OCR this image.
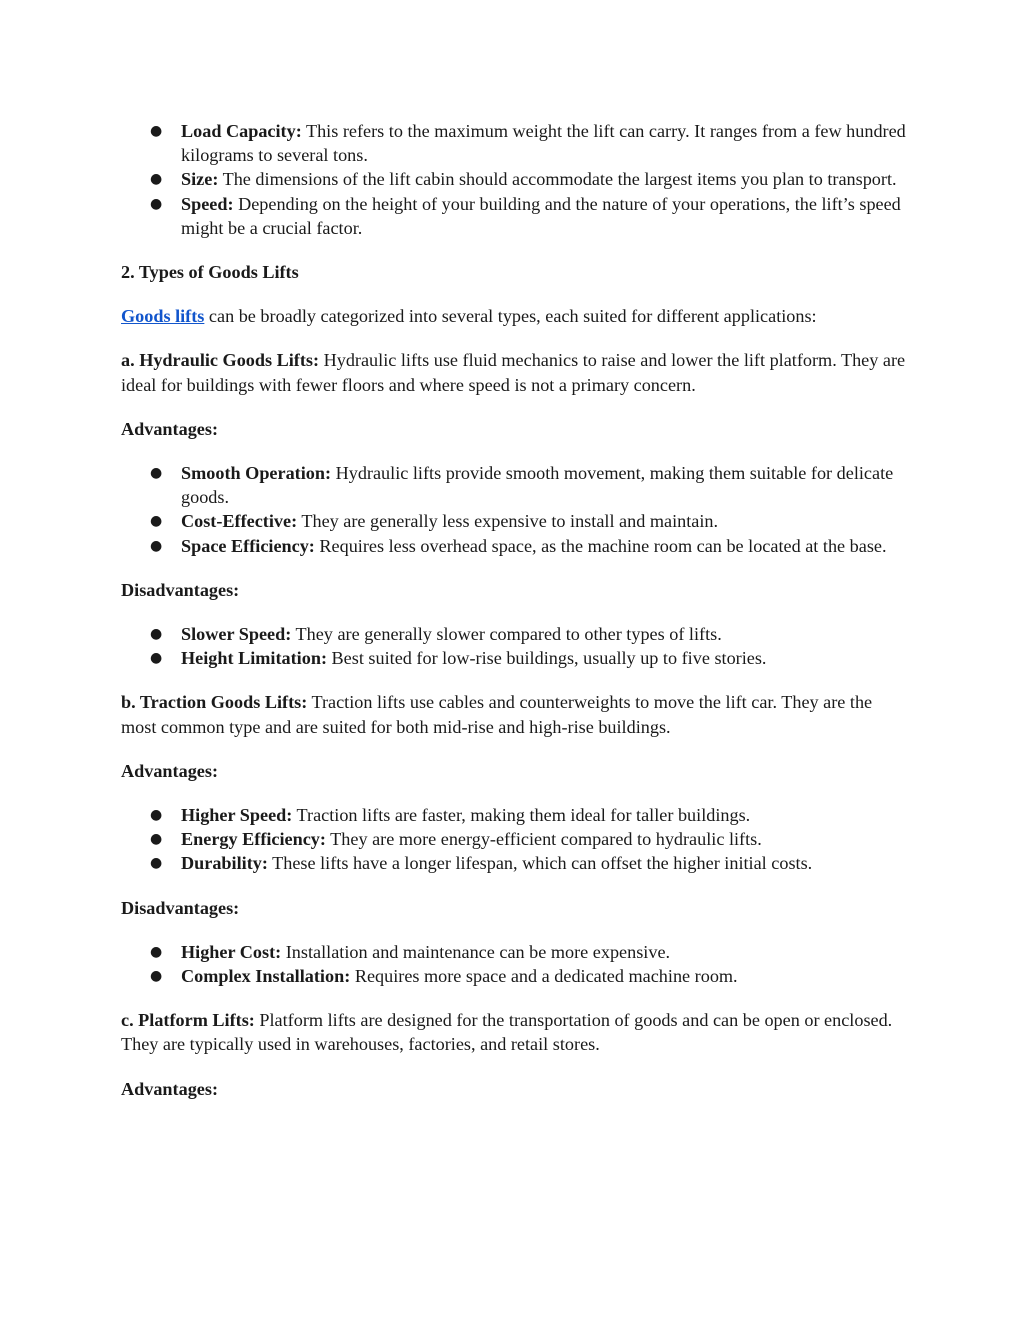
● Load Capacity: This refers to the maximum weight the lift can carry. It ranges from a few hundred kilograms to several tons.
● Size: The dimensions of the lift cabin should accommodate the largest items you plan to transport.
● Speed: Depending on the height of your building and the nature of your operations, the lift’s speed might be a crucial factor.

2. Types of Goods Lifts

Goods lifts can be broadly categorized into several types, each suited for different applications:

a. Hydraulic Goods Lifts: Hydraulic lifts use fluid mechanics to raise and lower the lift platform. They are ideal for buildings with fewer floors and where speed is not a primary concern.

Advantages:

● Smooth Operation: Hydraulic lifts provide smooth movement, making them suitable for delicate goods.
● Cost-Effective: They are generally less expensive to install and maintain.
● Space Efficiency: Requires less overhead space, as the machine room can be located at the base.

Disadvantages:

● Slower Speed: They are generally slower compared to other types of lifts.
● Height Limitation: Best suited for low-rise buildings, usually up to five stories.

b. Traction Goods Lifts: Traction lifts use cables and counterweights to move the lift car. They are the most common type and are suited for both mid-rise and high-rise buildings.

Advantages:

● Higher Speed: Traction lifts are faster, making them ideal for taller buildings.
● Energy Efficiency: They are more energy-efficient compared to hydraulic lifts.
● Durability: These lifts have a longer lifespan, which can offset the higher initial costs.

Disadvantages:

● Higher Cost: Installation and maintenance can be more expensive.
● Complex Installation: Requires more space and a dedicated machine room.

c. Platform Lifts: Platform lifts are designed for the transportation of goods and can be open or enclosed. They are typically used in warehouses, factories, and retail stores.

Advantages:
